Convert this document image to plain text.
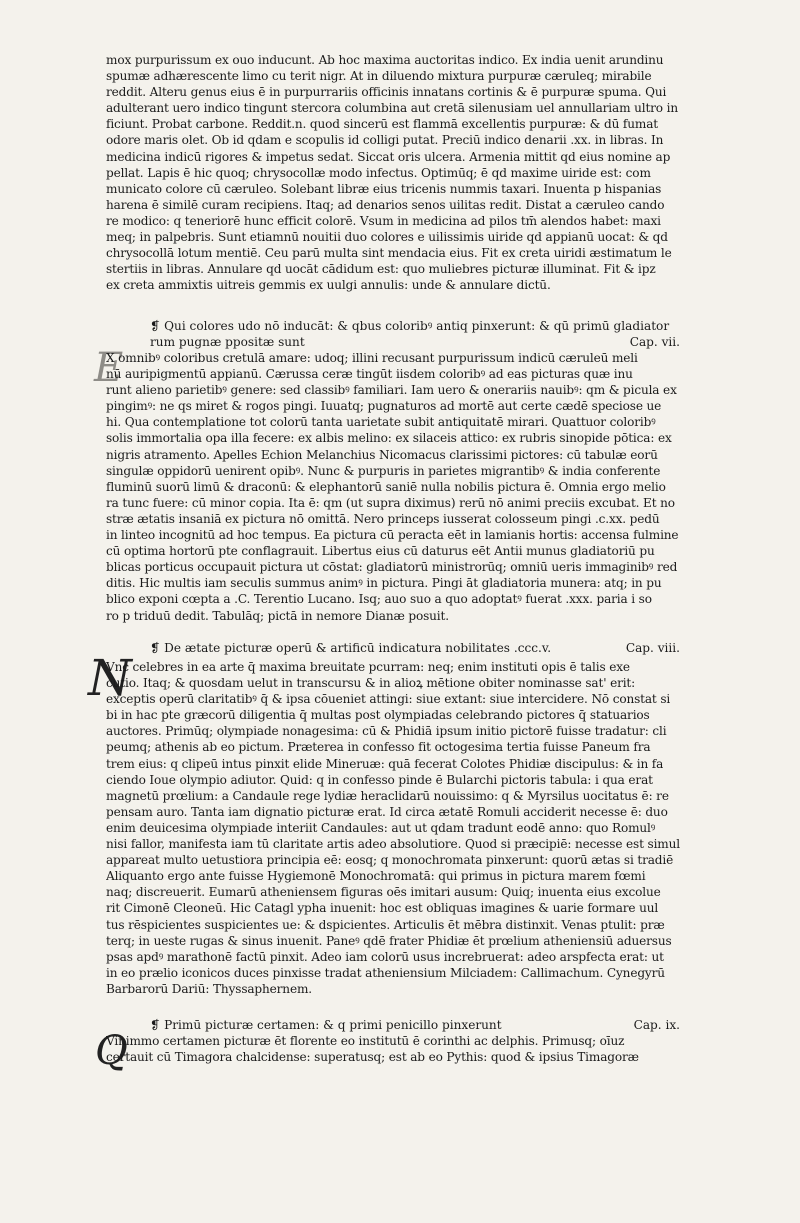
mox purpurissum ex ouo inducunt. Ab hoc maxima auctoritas indico. Ex india uenit arundinu
spumæ adhærescente limo cu terit nigr. At in diluendo mixtura purpuræ cæruleq; mirabile
reddit. Alteru genus eius ē in purpurrariis officinis innatans cortinis & ē purpuræ spuma. Qui
adulterant uero indico tingunt stercora columbina aut cretā silenusiam uel annullariam ultro in
ficiunt. Probat carbone. Reddit.n. quod sincerū est flammā excellentis purpuræ: & dū fumat
odore maris olet. Ob id qdam e scopulis id colligi putat. Preciū indico denarii .xx. in libras. In
medicina indicū rigores & impetus sedat. Siccat oris ulcera. Armenia mittit qd eius nomine ap
pellat. Lapis ē hic quoq; chrysocollæ modo infectus. Optimūq; ē qd maxime uiride est: com
municato colore cū cæruleo. Solebant libræ eius tricenis nummis taxari. Inuenta p hispanias
harena ē similē curam recipiens. Itaq; ad denarios senos uilitas redit. Distat a cæruleo cando
re modico: q teneriorē hunc efficit colorē. Vsum in medicina ad pilos tm̄ alendos habet: maxi
meq; in palpebris. Sunt etiamnū nouitii duo colores e uilissimis uiride qd appianū uocat: & qd
chrysocollā lotum mentiē. Ceu parū multa sint mendacia eius. Fit ex creta uiridi æstimatum le
stertiis in libras. Annulare qd uocāt cādidum est: quo muliebres picturæ illuminat. Fit & ipz
ex creta ammixtis uitreis gemmis ex uulgi annulis: unde & annulare dictū.
❡ Qui colores udo nō inducāt: & qbus coloribꝰ antiq pinxerunt: & qū primū gladiator
rum pugnæ ppositæ sunt	Cap. vii.
E
X omnibꝰ coloribus cretulā amare: udoq; illini recusant purpurissum indicū cæruleū meli
nū auripigmentū appianū. Cærussa ceræ tingūt iisdem coloribꝰ ad eas picturas quæ inu
runt alieno parietibꝰ genere: sed classibꝰ familiari. Iam uero & onerariis nauibꝰ: qm & picula ex
pingimꝰ: ne qs miret & rogos pingi. Iuuatq; pugnaturos ad mortē aut certe cædē speciose ue
hi. Qua contemplatione tot colorū tanta uarietate subit antiquitatē mirari. Quattuor coloribꝰ
solis immortalia opa illa fecere: ex albis melino: ex silaceis attico: ex rubris sinopide pōtica: ex
nigris atramento. Apelles Echion Melanchius Nicomacus clarissimi pictores: cū tabulæ eorū
singulæ oppidorū uenirent opibꝰ. Nunc & purpuris in parietes migrantibꝰ & india conferente
fluminū suorū limū & draconū: & elephantorū saniē nulla nobilis pictura ē. Omnia ergo melio
ra tunc fuere: cū minor copia. Ita ē: qm (ut supra diximus) rerū nō animi preciis excubat. Et no
stræ ætatis insaniā ex pictura nō omittā. Nero princeps iusserat colosseum pingi .c.xx. pedū
in linteo incognitū ad hoc tempus. Ea pictura cū peracta eēt in lamianis hortis: accensa fulmine
cū optima hortorū pte conflagrauit. Libertus eius cū daturus eēt Antii munus gladiatoriū pu
blicas porticus occupauit pictura ut cōstat: gladiatorū ministrorūq; omniū ueris immaginibꝰ red
ditis. Hic multis iam seculis summus animꝰ in pictura. Pingi āt gladiatoria munera: atq; in pu
blico exponi cœpta a .C. Terentio Lucano. Isq; auo suo a quo adoptatꝰ fuerat .xxx. paria i so
ro p triduū dedit. Tabulāq; pictā in nemore Dianæ posuit.
❡ De ætate picturæ operū & artificū indicatura nobilitates .ccc.v.	Cap. viii.
N
Vnc celebres in ea arte q̄ maxima breuitate pcurram: neq; enim instituti opis ē talis exe
cutio. Itaq; & quosdam uelut in transcursu & in alioꝝ mētione obiter nominasse sat' erit:
exceptis operū claritatibꝰ q̄ & ipsa cōueniet attingi: siue extant: siue intercidere. Nō constat si
bi in hac pte græcorū diligentia q̄ multas post olympiadas celebrando pictores q̄ statuarios
auctores. Primūq; olympiade nonagesima: cū & Phidiā ipsum initio pictorē fuisse tradatur: cli
peumq; athenis ab eo pictum. Præterea in confesso fit octogesima tertia fuisse Paneum fra
trem eius: q clipeū intus pinxit elide Mineruæ: quā fecerat Colotes Phidiæ discipulus: & in fa
ciendo Ioue olympio adiutor. Quid: q in confesso pinde ē Bularchi pictoris tabula: i qua erat
magnetū prœlium: a Candaule rege lydiæ heraclidarū nouissimo: q & Myrsilus uocitatus ē: re
pensam auro. Tanta iam dignatio picturæ erat. Id circa ætatē Romuli acciderit necesse ē: duo
enim deuicesima olympiade interiit Candaules: aut ut qdam tradunt eodē anno: quo Romulꝰ
nisi fallor, manifesta iam tū claritate artis adeo absolutiore. Quod si præcipiē: necesse est simul
appareat multo uetustiora principia eē: eosq; q monochromata pinxerunt: quorū ætas si tradiē
Aliquanto ergo ante fuisse Hygiemonē Monochromatā: qui primus in pictura marem fœmi
naq; discreuerit. Eumarū atheniensem figuras oēs imitari ausum: Quiq; inuenta eius excolue
rit Cimonē Cleoneū. Hic Catagl ypha inuenit: hoc est obliquas imagines & uarie formare uul
tus rēspicientes suspicientes ue: & dspicientes. Articulis ēt mēbra distinxit. Venas ptulit: præ
terq; in ueste rugas & sinus inuenit. Paneꝰ qdē frater Phidiæ ēt prœlium atheniensiū aduersus
psas apdꝰ marathonē factū pinxit. Adeo iam colorū usus increbruerat: adeo arspfecta erat: ut
in eo prælio iconicos duces pinxisse tradat atheniensium Milciadem: Callimachum. Cynegyrū
Barbarorū Dariū: Thyssaphernem.
❡ Primū picturæ certamen: & q primi penicillo pinxerunt	Cap. ix.
Q
Vinimmo certamen picturæ ēt florente eo institutū ē corinthi ac delphis. Primusq; oīuz
certauit cū Timagora chalcidense: superatusq; est ab eo Pythis: quod & ipsius Timagoræ
